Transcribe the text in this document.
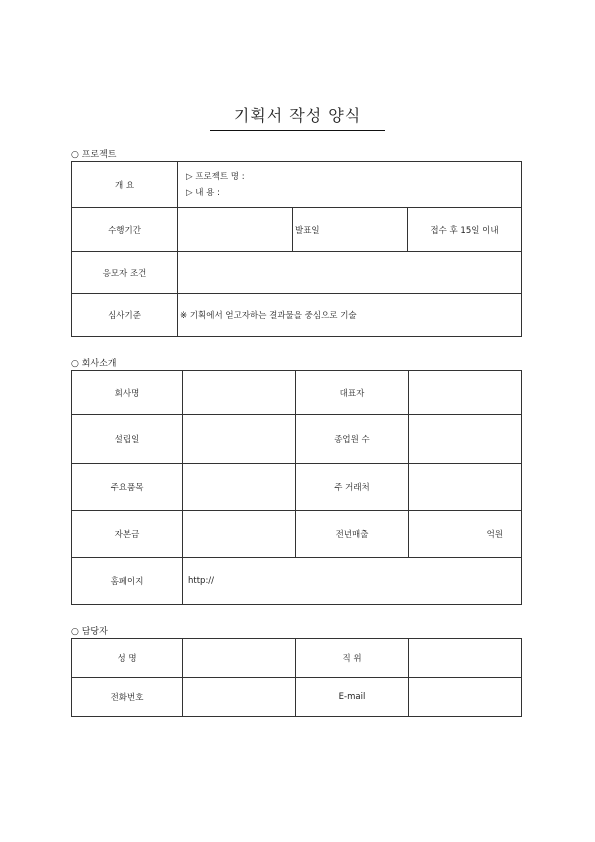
기획서 작성 양식
○ 프로젝트
개 요	▷ 프로젝트 명 :
▷ 내 용 :		

수행기간		발표일	접수 후 15일 이내
응모자 조건			
심사기준	※ 기획에서 얻고자하는 결과물을 중심으로 기술		
○ 회사소개
회사명		대표자	
설립일		종업원 수	
주요품목		주 거래처	
자본금		전년매출	억원
홈페이지	http://		
○ 담당자
성 명		직 위	
전화번호		E-mail	
